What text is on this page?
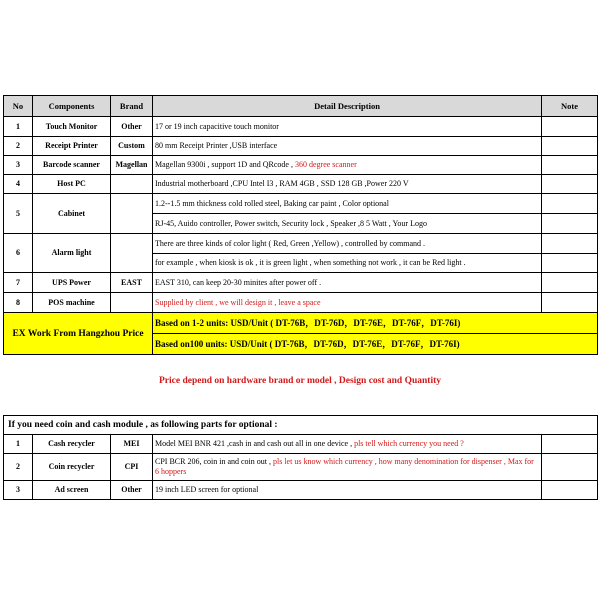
No	Components	Brand	Detail Description	Note
1	Touch Monitor	Other	17 or 19 inch capacitive touch monitor	
2	Receipt Printer	Custom	80 mm Receipt Printer ,USB interface	
3	Barcode scanner	Magellan	Magellan 9300i , support 1D and QRcode , 360 degree scanner	
4	Host PC		Industrial motherboard ,CPU Intel I3 , RAM 4GB , SSD 128 GB ,Power 220 V	
5	Cabinet		1.2--1.5 mm thickness cold rolled steel, Baking car paint , Color optional	
			RJ-45, Auido controller, Power switch, Security lock , Speaker ,8 5 Watt , Your Logo	
6	Alarm light		There are three kinds of color light ( Red, Green ,Yellow) , controlled by command .	
			for example , when kiosk is ok , it is green light , when something not work , it can be Red light .	
7	UPS Power	EAST	EAST 310, can keep 20-30 minites after power off .	
8	POS machine		Supplied by client , we will design it , leave a space	
EX Work From Hangzhou Price			Based on 1-2 units: USD/Unit ( DT-76B，DT-76D，DT-76E，DT-76F，DT-76I)	
			Based on100 units: USD/Unit ( DT-76B，DT-76D，DT-76E，DT-76F，DT-76I)	
Price depend on hardware brand or model , Design cost and Quantity
If you need coin and cash module , as following parts for optional :				
1	Cash recycler	MEI	Model MEI BNR 421 ,cash in and cash out all in one device , pls tell which currency you need ?	
2	Coin recycler	CPI	CPI BCR 206, coin in and coin out , pls let us know which currency , how many denomination for dispenser , Max for 6 hoppers	
3	Ad screen	Other	19 inch LED screen for optional	
